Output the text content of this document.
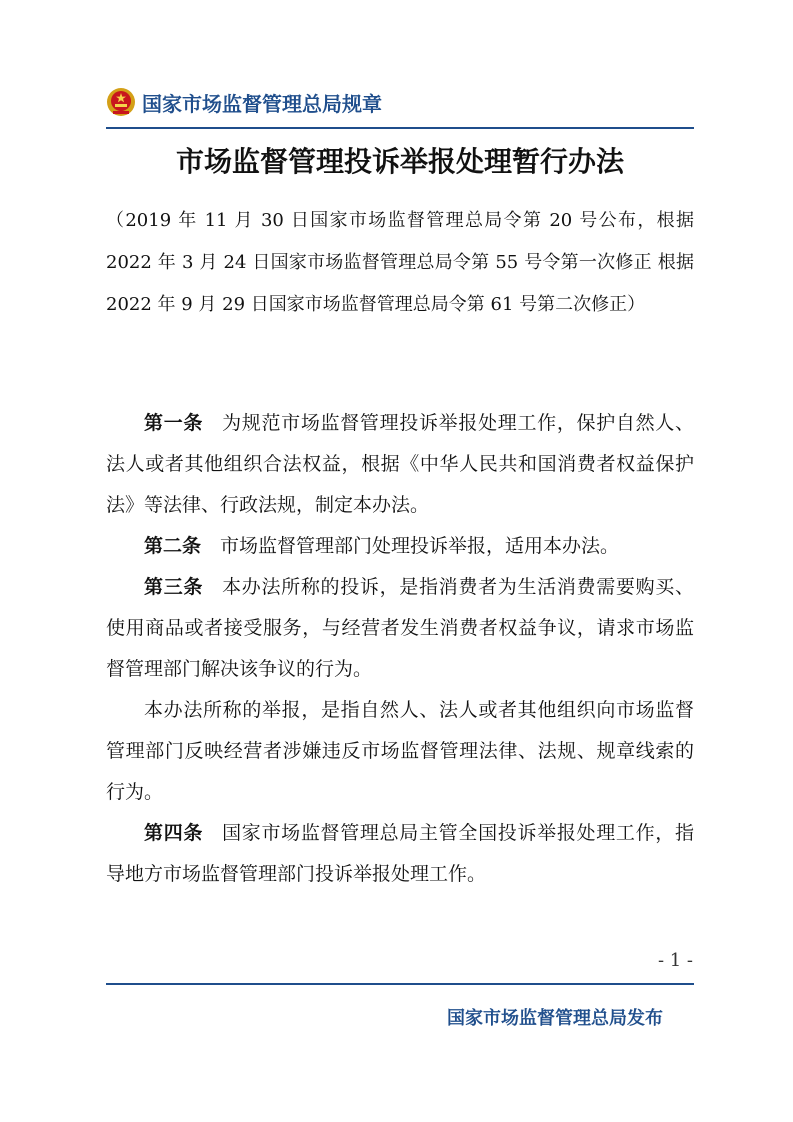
国家市场监督管理总局规章
市场监督管理投诉举报处理暂行办法

（2019 年 11 月 30 日国家市场监督管理总局令第 20 号公布，根据 2022 年 3 月 24 日国家市场监督管理总局令第 55 号令第一次修正 根据 2022 年 9 月 29 日国家市场监督管理总局令第 61 号第二次修正）

第一条 为规范市场监督管理投诉举报处理工作，保护自然人、法人或者其他组织合法权益，根据《中华人民共和国消费者权益保护法》等法律、行政法规，制定本办法。

第二条 市场监督管理部门处理投诉举报，适用本办法。

第三条 本办法所称的投诉，是指消费者为生活消费需要购买、使用商品或者接受服务，与经营者发生消费者权益争议，请求市场监督管理部门解决该争议的行为。

本办法所称的举报，是指自然人、法人或者其他组织向市场监督管理部门反映经营者涉嫌违反市场监督管理法律、法规、规章线索的行为。

第四条 国家市场监督管理总局主管全国投诉举报处理工作，指导地方市场监督管理部门投诉举报处理工作。

- 1 -
国家市场监督管理总局发布
